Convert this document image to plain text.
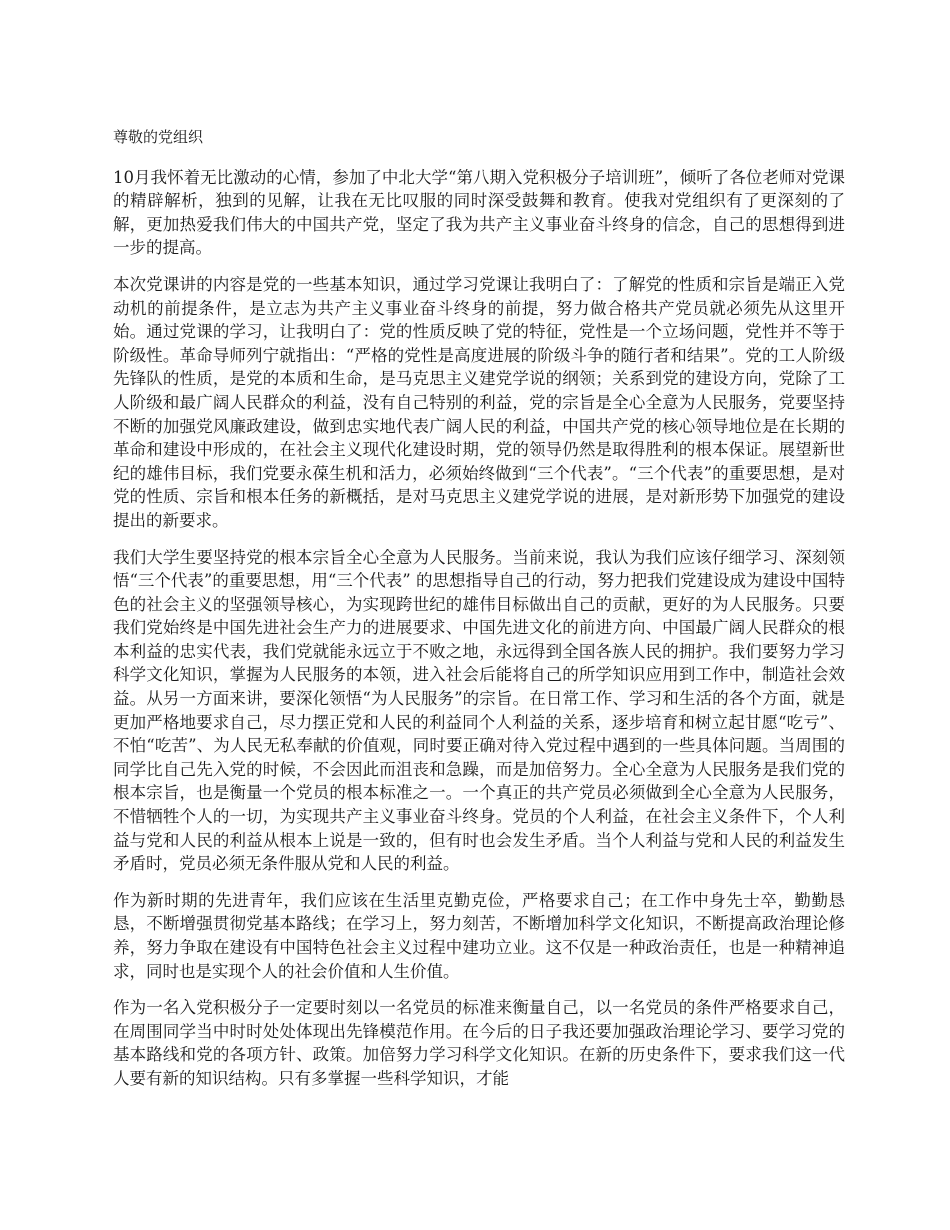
尊敬的党组织

10月我怀着无比激动的心情，参加了中北大学“第八期入党积极分子培训班”，倾听了各位老师对党课的精辟解析，独到的见解，让我在无比叹服的同时深受鼓舞和教育。使我对党组织有了更深刻的了解，更加热爱我们伟大的中国共产党，坚定了我为共产主义事业奋斗终身的信念，自己的思想得到进一步的提高。

本次党课讲的内容是党的一些基本知识，通过学习党课让我明白了：了解党的性质和宗旨是端正入党动机的前提条件，是立志为共产主义事业奋斗终身的前提，努力做合格共产党员就必须先从这里开始。通过党课的学习，让我明白了：党的性质反映了党的特征，党性是一个立场问题，党性并不等于阶级性。革命导师列宁就指出：“严格的党性是高度进展的阶级斗争的随行者和结果”。党的工人阶级先锋队的性质，是党的本质和生命，是马克思主义建党学说的纲领；关系到党的建设方向，党除了工人阶级和最广阔人民群众的利益，没有自己特别的利益，党的宗旨是全心全意为人民服务，党要坚持不断的加强党风廉政建设，做到忠实地代表广阔人民的利益，中国共产党的核心领导地位是在长期的革命和建设中形成的，在社会主义现代化建设时期，党的领导仍然是取得胜利的根本保证。展望新世纪的雄伟目标，我们党要永葆生机和活力，必须始终做到“三个代表”。“三个代表”的重要思想，是对党的性质、宗旨和根本任务的新概括，是对马克思主义建党学说的进展，是对新形势下加强党的建设提出的新要求。

我们大学生要坚持党的根本宗旨全心全意为人民服务。当前来说，我认为我们应该仔细学习、深刻领悟“三个代表”的重要思想，用“三个代表” 的思想指导自己的行动，努力把我们党建设成为建设中国特色的社会主义的坚强领导核心，为实现跨世纪的雄伟目标做出自己的贡献，更好的为人民服务。只要我们党始终是中国先进社会生产力的进展要求、中国先进文化的前进方向、中国最广阔人民群众的根本利益的忠实代表，我们党就能永远立于不败之地，永远得到全国各族人民的拥护。我们要努力学习科学文化知识，掌握为人民服务的本领，进入社会后能将自己的所学知识应用到工作中，制造社会效益。从另一方面来讲，要深化领悟“为人民服务”的宗旨。在日常工作、学习和生活的各个方面，就是更加严格地要求自己，尽力摆正党和人民的利益同个人利益的关系，逐步培育和树立起甘愿“吃亏”、不怕“吃苦”、为人民无私奉献的价值观，同时要正确对待入党过程中遇到的一些具体问题。当周围的同学比自己先入党的时候，不会因此而沮丧和急躁，而是加倍努力。全心全意为人民服务是我们党的根本宗旨，也是衡量一个党员的根本标准之一。一个真正的共产党员必须做到全心全意为人民服务，不惜牺牲个人的一切，为实现共产主义事业奋斗终身。党员的个人利益，在社会主义条件下，个人利益与党和人民的利益从根本上说是一致的，但有时也会发生矛盾。当个人利益与党和人民的利益发生矛盾时，党员必须无条件服从党和人民的利益。

作为新时期的先进青年，我们应该在生活里克勤克俭，严格要求自己；在工作中身先士卒，勤勤恳恳，不断增强贯彻党基本路线；在学习上，努力刻苦，不断增加科学文化知识，不断提高政治理论修养，努力争取在建设有中国特色社会主义过程中建功立业。这不仅是一种政治责任，也是一种精神追求，同时也是实现个人的社会价值和人生价值。

作为一名入党积极分子一定要时刻以一名党员的标准来衡量自己，以一名党员的条件严格要求自己，在周围同学当中时时处处体现出先锋模范作用。在今后的日子我还要加强政治理论学习、要学习党的基本路线和党的各项方针、政策。加倍努力学习科学文化知识。在新的历史条件下，要求我们这一代人要有新的知识结构。只有多掌握一些科学知识，才能
